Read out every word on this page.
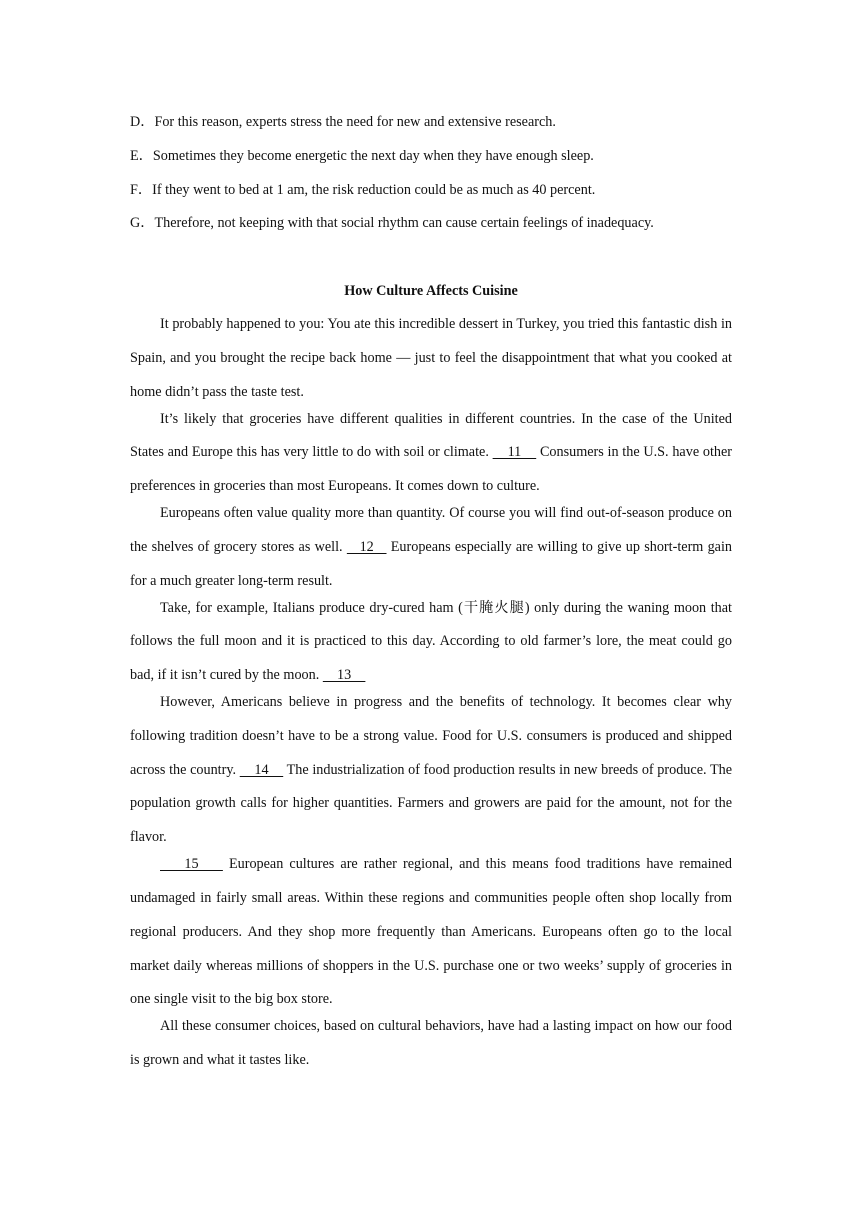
D．For this reason, experts stress the need for new and extensive research.
E．Sometimes they become energetic the next day when they have enough sleep.
F．If they went to bed at 1 am, the risk reduction could be as much as 40 percent.
G．Therefore, not keeping with that social rhythm can cause certain feelings of inadequacy.
How Culture Affects Cuisine

It probably happened to you: You ate this incredible dessert in Turkey, you tried this fantastic dish in Spain, and you brought the recipe back home — just to feel the disappointment that what you cooked at home didn’t pass the taste test.

It’s likely that groceries have different qualities in different countries. In the case of the United States and Europe this has very little to do with soil or climate.     11     Consumers in the U.S. have other preferences in groceries than most Europeans. It comes down to culture.

Europeans often value quality more than quantity. Of course you will find out-of-season produce on the shelves of grocery stores as well.    12    Europeans especially are willing to give up short-term gain for a much greater long-term result.

Take, for example, Italians produce dry-cured ham (干腌火腿) only during the waning moon that follows the full moon and it is practiced to this day. According to old farmer’s lore, the meat could go bad, if it isn’t cured by the moon.     13

However, Americans believe in progress and the benefits of technology. It becomes clear why following tradition doesn’t have to be a strong value. Food for U.S. consumers is produced and shipped across the country.     14     The industrialization of food production results in new breeds of produce. The population growth calls for higher quantities. Farmers and growers are paid for the amount, not for the flavor.

15     European cultures are rather regional, and this means food traditions have remained undamaged in fairly small areas. Within these regions and communities people often shop locally from regional producers. And they shop more frequently than Americans. Europeans often go to the local market daily whereas millions of shoppers in the U.S. purchase one or two weeks’ supply of groceries in one single visit to the big box store.

All these consumer choices, based on cultural behaviors, have had a lasting impact on how our food is grown and what it tastes like.
